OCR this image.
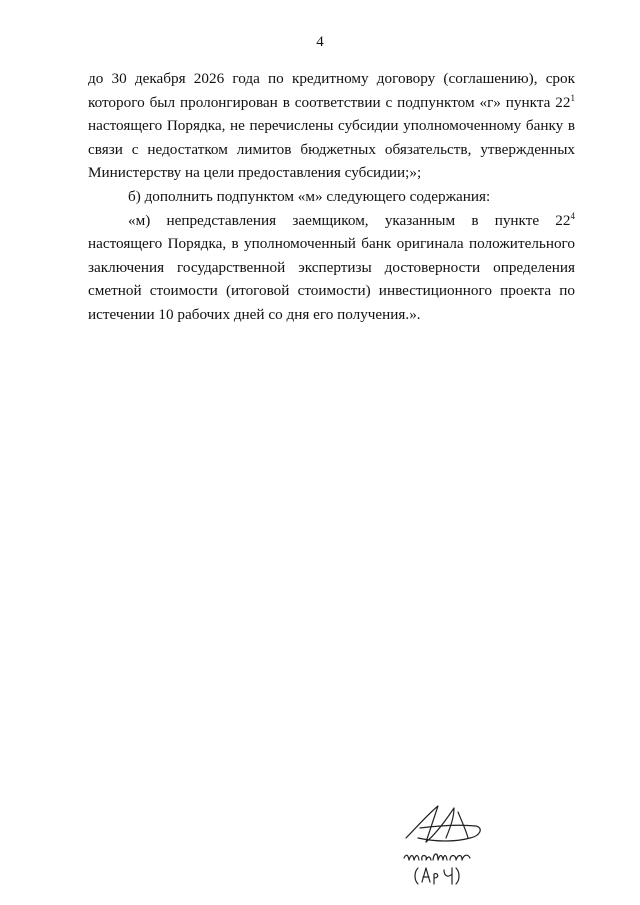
4

до 30 декабря 2026 года по кредитному договору (соглашению), срок которого был пролонгирован в соответствии с подпунктом «г» пункта $22^1$ настоящего Порядка, не перечислены субсидии уполномоченному банку в связи с недостатком лимитов бюджетных обязательств, утвержденных Министерству на цели предоставления субсидии;»;

б) дополнить подпунктом «м» следующего содержания:

«м) непредставления заемщиком, указанным в пункте $22^4$ настоящего Порядка, в уполномоченный банк оригинала положительного заключения государственной экспертизы достоверности определения сметной стоимости (итоговой стоимости) инвестиционного проекта по истечении 10 рабочих дней со дня его получения.».
